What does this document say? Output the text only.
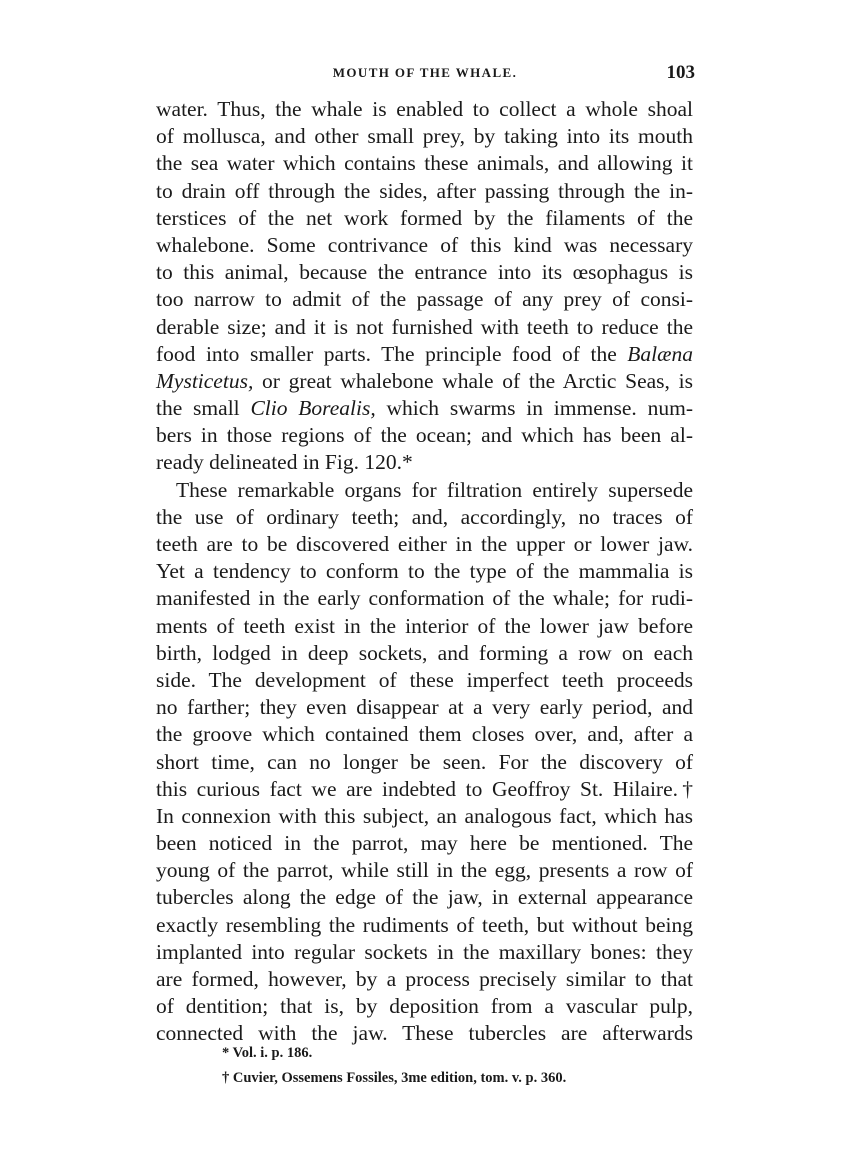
MOUTH OF THE WHALE.	103
water. Thus, the whale is enabled to collect a whole shoal
of mollusca, and other small prey, by taking into its mouth
the sea water which contains these animals, and allowing it
to drain off through the sides, after passing through the in-
terstices of the net work formed by the filaments of the
whalebone. Some contrivance of this kind was necessary
to this animal, because the entrance into its œsophagus is
too narrow to admit of the passage of any prey of consi-
derable size; and it is not furnished with teeth to reduce the
food into smaller parts. The principle food of the Balæna
Mysticetus, or great whalebone whale of the Arctic Seas, is
the small Clio Borealis, which swarms in immense. num-
bers in those regions of the ocean; and which has been al-
ready delineated in Fig. 120.*
These remarkable organs for filtration entirely supersede
the use of ordinary teeth; and, accordingly, no traces of
teeth are to be discovered either in the upper or lower jaw.
Yet a tendency to conform to the type of the mammalia is
manifested in the early conformation of the whale; for rudi-
ments of teeth exist in the interior of the lower jaw before
birth, lodged in deep sockets, and forming a row on each
side. The development of these imperfect teeth proceeds
no farther; they even disappear at a very early period, and
the groove which contained them closes over, and, after a
short time, can no longer be seen. For the discovery of
this curious fact we are indebted to Geoffroy St. Hilaire.†
In connexion with this subject, an analogous fact, which has
been noticed in the parrot, may here be mentioned. The
young of the parrot, while still in the egg, presents a row of
tubercles along the edge of the jaw, in external appearance
exactly resembling the rudiments of teeth, but without being
implanted into regular sockets in the maxillary bones: they
are formed, however, by a process precisely similar to that
of dentition; that is, by deposition from a vascular pulp,
connected with the jaw. These tubercles are afterwards
* Vol. i. p. 186.
† Cuvier, Ossemens Fossiles, 3me edition, tom. v. p. 360.
